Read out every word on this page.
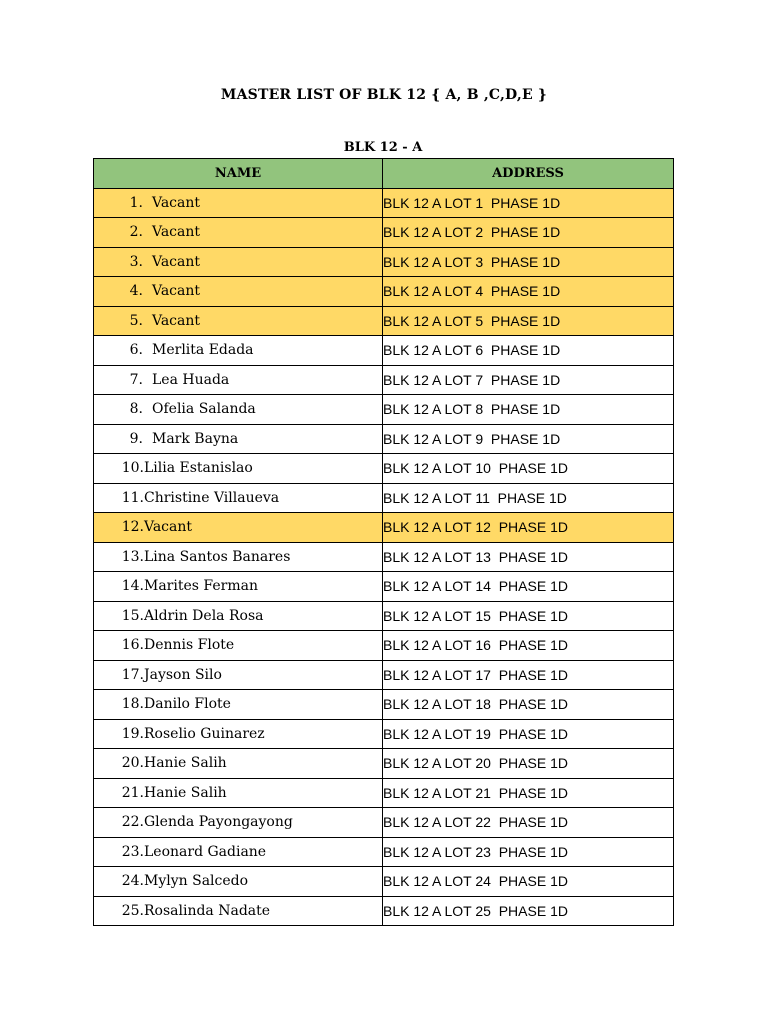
MASTER LIST OF BLK 12 { A, B ,C,D,E }
BLK 12 - A
NAME	ADDRESS
1. Vacant	BLK 12 A LOT 1  PHASE 1D
2. Vacant	BLK 12 A LOT 2  PHASE 1D
3. Vacant	BLK 12 A LOT 3  PHASE 1D
4. Vacant	BLK 12 A LOT 4  PHASE 1D
5. Vacant	BLK 12 A LOT 5  PHASE 1D
6. Merlita Edada	BLK 12 A LOT 6  PHASE 1D
7. Lea Huada	BLK 12 A LOT 7  PHASE 1D
8. Ofelia Salanda	BLK 12 A LOT 8  PHASE 1D
9. Mark Bayna	BLK 12 A LOT 9  PHASE 1D
10.Lilia Estanislao	BLK 12 A LOT 10  PHASE 1D
11.Christine Villaueva	BLK 12 A LOT 11  PHASE 1D
12.Vacant	BLK 12 A LOT 12  PHASE 1D
13.Lina Santos Banares	BLK 12 A LOT 13  PHASE 1D
14.Marites Ferman	BLK 12 A LOT 14  PHASE 1D
15.Aldrin Dela Rosa	BLK 12 A LOT 15  PHASE 1D
16.Dennis Flote	BLK 12 A LOT 16  PHASE 1D
17.Jayson Silo	BLK 12 A LOT 17  PHASE 1D
18.Danilo Flote	BLK 12 A LOT 18  PHASE 1D
19.Roselio Guinarez	BLK 12 A LOT 19  PHASE 1D
20.Hanie Salih	BLK 12 A LOT 20  PHASE 1D
21.Hanie Salih	BLK 12 A LOT 21  PHASE 1D
22.Glenda Payongayong	BLK 12 A LOT 22  PHASE 1D
23.Leonard Gadiane	BLK 12 A LOT 23  PHASE 1D
24.Mylyn Salcedo	BLK 12 A LOT 24  PHASE 1D
25.Rosalinda Nadate	BLK 12 A LOT 25  PHASE 1D
